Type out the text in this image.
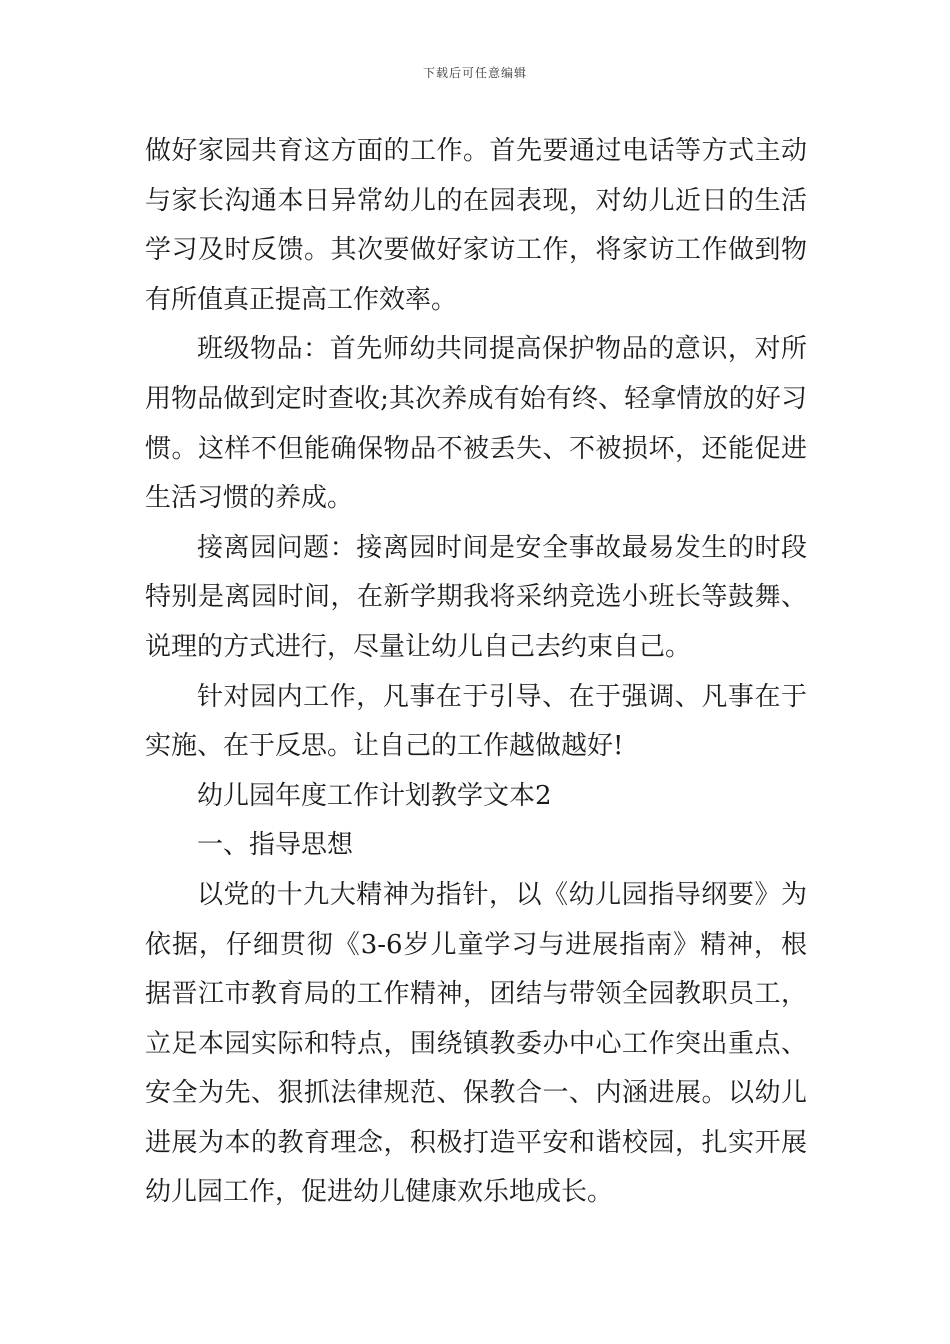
下载后可任意编辑

做好家园共育这方面的工作。首先要通过电话等方式主动与家长沟通本日异常幼儿的在园表现，对幼儿近日的生活学习及时反馈。其次要做好家访工作，将家访工作做到物有所值真正提高工作效率。

班级物品：首先师幼共同提高保护物品的意识，对所用物品做到定时查收;其次养成有始有终、轻拿情放的好习惯。这样不但能确保物品不被丢失、不被损坏，还能促进生活习惯的养成。

接离园问题：接离园时间是安全事故最易发生的时段特别是离园时间，在新学期我将采纳竞选小班长等鼓舞、说理的方式进行，尽量让幼儿自己去约束自己。

针对园内工作，凡事在于引导、在于强调、凡事在于实施、在于反思。让自己的工作越做越好!

幼儿园年度工作计划教学文本2

一、指导思想

以党的十九大精神为指针，以《幼儿园指导纲要》为依据，仔细贯彻《3-6岁儿童学习与进展指南》精神，根据晋江市教育局的工作精神，团结与带领全园教职员工，立足本园实际和特点，围绕镇教委办中心工作突出重点、安全为先、狠抓法律规范、保教合一、内涵进展。以幼儿进展为本的教育理念，积极打造平安和谐校园，扎实开展幼儿园工作，促进幼儿健康欢乐地成长。
